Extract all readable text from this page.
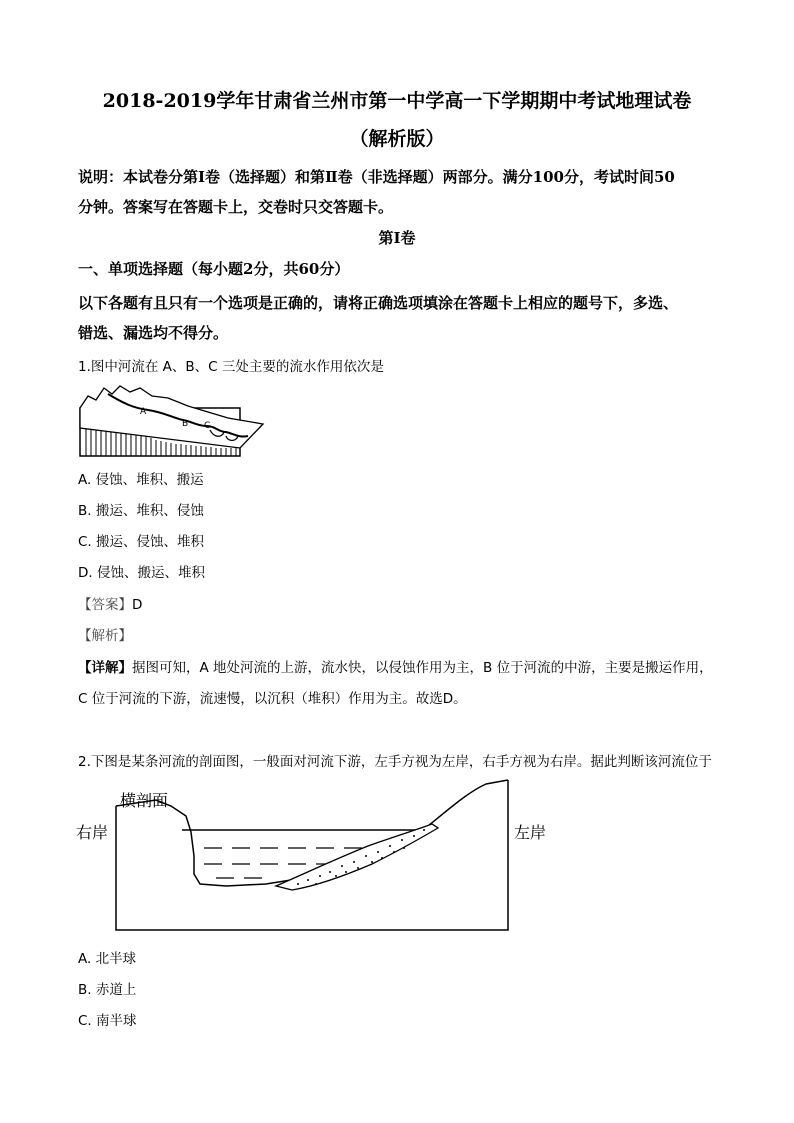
2018-2019学年甘肃省兰州市第一中学高一下学期期中考试地理试卷
（解析版）
说明：本试卷分第Ⅰ卷（选择题）和第Ⅱ卷（非选择题）两部分。满分100分，考试时间50
分钟。答案写在答题卡上，交卷时只交答题卡。
第Ⅰ卷
一、单项选择题（每小题2分，共60分）
以下各题有且只有一个选项是正确的，请将正确选项填涂在答题卡上相应的题号下，多选、
错选、漏选均不得分。
1.图中河流在 A、B、C 三处主要的流水作用依次是
A
B C
A. 侵蚀、堆积、搬运
B. 搬运、堆积、侵蚀
C. 搬运、侵蚀、堆积
D. 侵蚀、搬运、堆积
【答案】D
【解析】
【详解】据图可知，A 地处河流的上游，流水快，以侵蚀作用为主，B 位于河流的中游，主要是搬运作用，
C 位于河流的下游，流速慢，以沉积（堆积）作用为主。故选D。
2.下图是某条河流的剖面图，一般面对河流下游，左手方视为左岸，右手方视为右岸。据此判断该河流位于
横剖面
右岸	左岸
A. 北半球
B. 赤道上
C. 南半球
